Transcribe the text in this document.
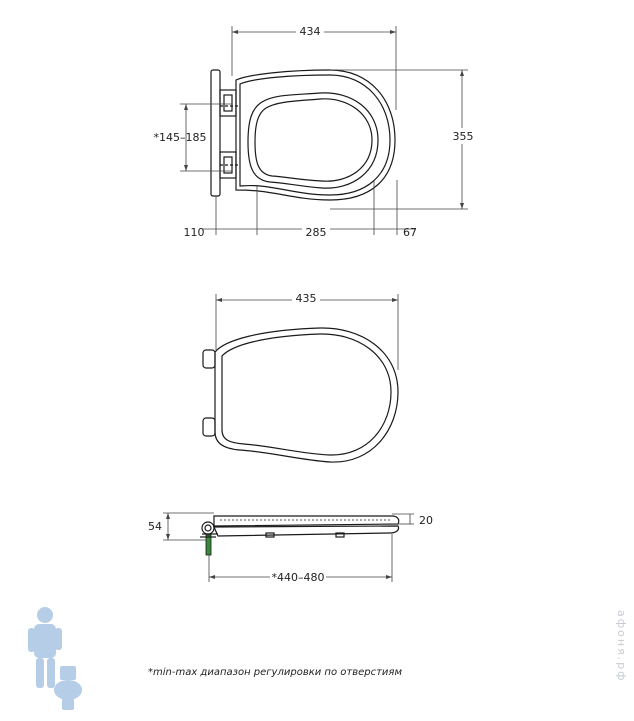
434
355
*145–185
110	285	67
435
54	20
*440–480
*min-max диапазон регулировки по отверстиям	афоня.рф
